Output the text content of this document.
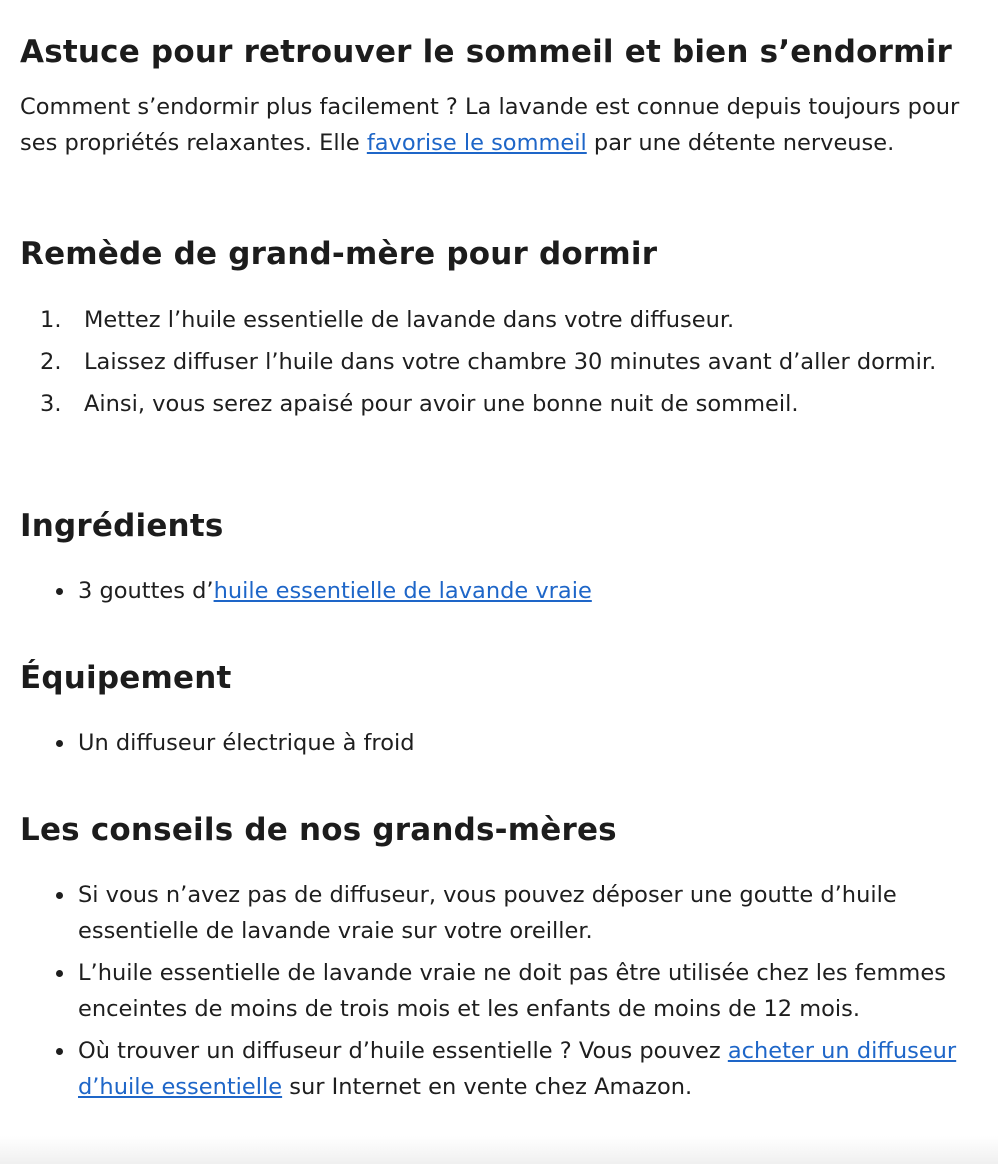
Astuce pour retrouver le sommeil et bien s’endormir

Comment s’endormir plus facilement ? La lavande est connue depuis toujours pour ses propriétés relaxantes. Elle favorise le sommeil par une détente nerveuse.

Remède de grand-mère pour dormir
1. Mettez l’huile essentielle de lavande dans votre diffuseur.
2. Laissez diffuser l’huile dans votre chambre 30 minutes avant d’aller dormir.
3. Ainsi, vous serez apaisé pour avoir une bonne nuit de sommeil.
Ingrédients
3 gouttes d’huile essentielle de lavande vraie
Équipement
Un diffuseur électrique à froid
Les conseils de nos grands-mères
Si vous n’avez pas de diffuseur, vous pouvez déposer une goutte d’huile essentielle de lavande vraie sur votre oreiller.
L’huile essentielle de lavande vraie ne doit pas être utilisée chez les femmes enceintes de moins de trois mois et les enfants de moins de 12 mois.
Où trouver un diffuseur d’huile essentielle ? Vous pouvez acheter un diffuseur d’huile essentielle sur Internet en vente chez Amazon.
